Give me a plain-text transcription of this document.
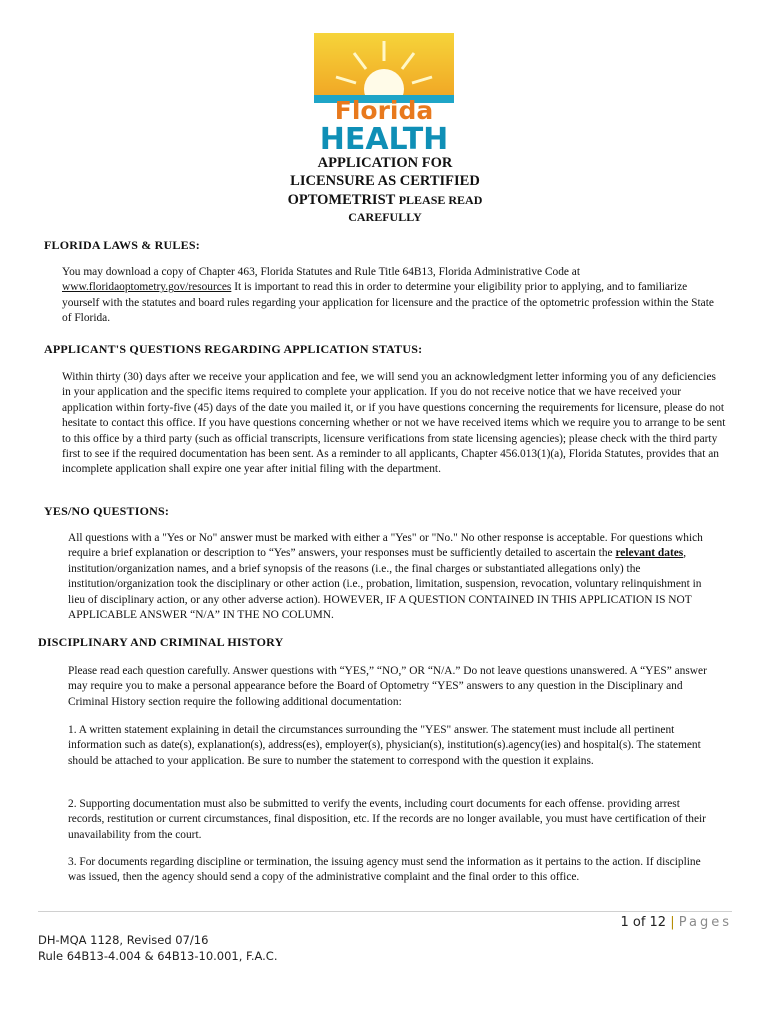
Florida
HEALTH
APPLICATION FOR
LICENSURE AS CERTIFIED
OPTOMETRIST PLEASE READ
CAREFULLY
FLORIDA LAWS & RULES:

You may download a copy of Chapter 463, Florida Statutes and Rule Title 64B13, Florida Administrative Code at www.floridaoptometry.gov/resources It is important to read this in order to determine your eligibility prior to applying, and to familiarize yourself with the statutes and board rules regarding your application for licensure and the practice of the optometric profession within the State of Florida.

APPLICANT'S QUESTIONS REGARDING APPLICATION STATUS:
Within thirty (30) days after we receive your application and fee, we will send you an acknowledgment letter informing you of any deficiencies in your application and the specific items required to complete your application. If you do not receive notice that we have received your application within forty-five (45) days of the date you mailed it, or if you have questions concerning the requirements for licensure, please do not hesitate to contact this office. If you have questions concerning whether or not we have received items which we require you to arrange to be sent to this office by a third party (such as official transcripts, licensure verifications from state licensing agencies); please check with the third party first to see if the required documentation has been sent. As a reminder to all applicants, Chapter 456.013(1)(a), Florida Statutes, provides that an incomplete application shall expire one year after initial filing with the department.
YES/NO QUESTIONS:

All questions with a "Yes or No" answer must be marked with either a "Yes" or "No." No other response is acceptable. For questions which require a brief explanation or description to “Yes” answers, your responses must be sufficiently detailed to ascertain the relevant dates, institution/organization names, and a brief synopsis of the reasons (i.e., the final charges or substantiated allegations only) the institution/organization took the disciplinary or other action (i.e., probation, limitation, suspension, revocation, voluntary relinquishment in lieu of disciplinary action, or any other adverse action). HOWEVER, IF A QUESTION CONTAINED IN THIS APPLICATION IS NOT APPLICABLE ANSWER “N/A” IN THE NO COLUMN.

DISCIPLINARY AND CRIMINAL HISTORY
Please read each question carefully. Answer questions with “YES,” “NO,” OR “N/A.” Do not leave questions unanswered. A “YES” answer may require you to make a personal appearance before the Board of Optometry “YES” answers to any question in the Disciplinary and Criminal History section require the following additional documentation:
1. A written statement explaining in detail the circumstances surrounding the "YES" answer. The statement must include all pertinent information such as date(s), explanation(s), address(es), employer(s), physician(s), institution(s).agency(ies) and hospital(s). The statement should be attached to your application. Be sure to number the statement to correspond with the question it explains.
2. Supporting documentation must also be submitted to verify the events, including court documents for each offense. providing arrest records, restitution or current circumstances, final disposition, etc. If the records are no longer available, you must have certification of their unavailability from the court.
3. For documents regarding discipline or termination, the issuing agency must send the information as it pertains to the action. If discipline was issued, then the agency should send a copy of the administrative complaint and the final order to this office.
1 of 12 | Pages
DH-MQA 1128, Revised 07/16
Rule 64B13-4.004 & 64B13-10.001, F.A.C.
